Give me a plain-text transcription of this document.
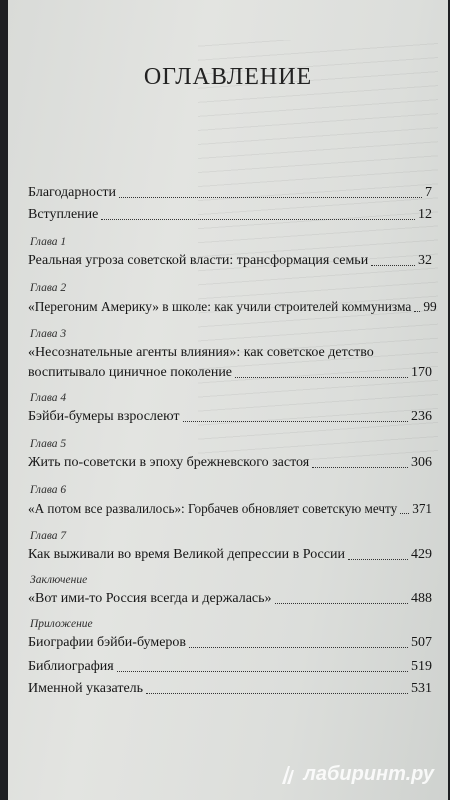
ОГЛАВЛЕНИЕ
Благодарности	7
Вступление	12
Глава 1
Реальная угроза советской власти: трансформация семьи	32
Глава 2
«Перегоним Америку» в школе: как учили строителей коммунизма 99
Глава 3
«Несознательные агенты влияния»: как советское детство
воспитывало циничное поколение	170
Глава 4
Бэйби-бумеры взрослеют	236
Глава 5
Жить по-советски в эпоху брежневского застоя	306
Глава 6
«А потом все развалилось»: Горбачев обновляет советскую мечту 371
Глава 7
Как выживали во время Великой депрессии в России	429
Заключение
«Вот ими-то Россия всегда и держалась»	488
Приложение
Биографии бэйби-бумеров	507
Библиография	519
Именной указатель	531
лабиринт.ру
